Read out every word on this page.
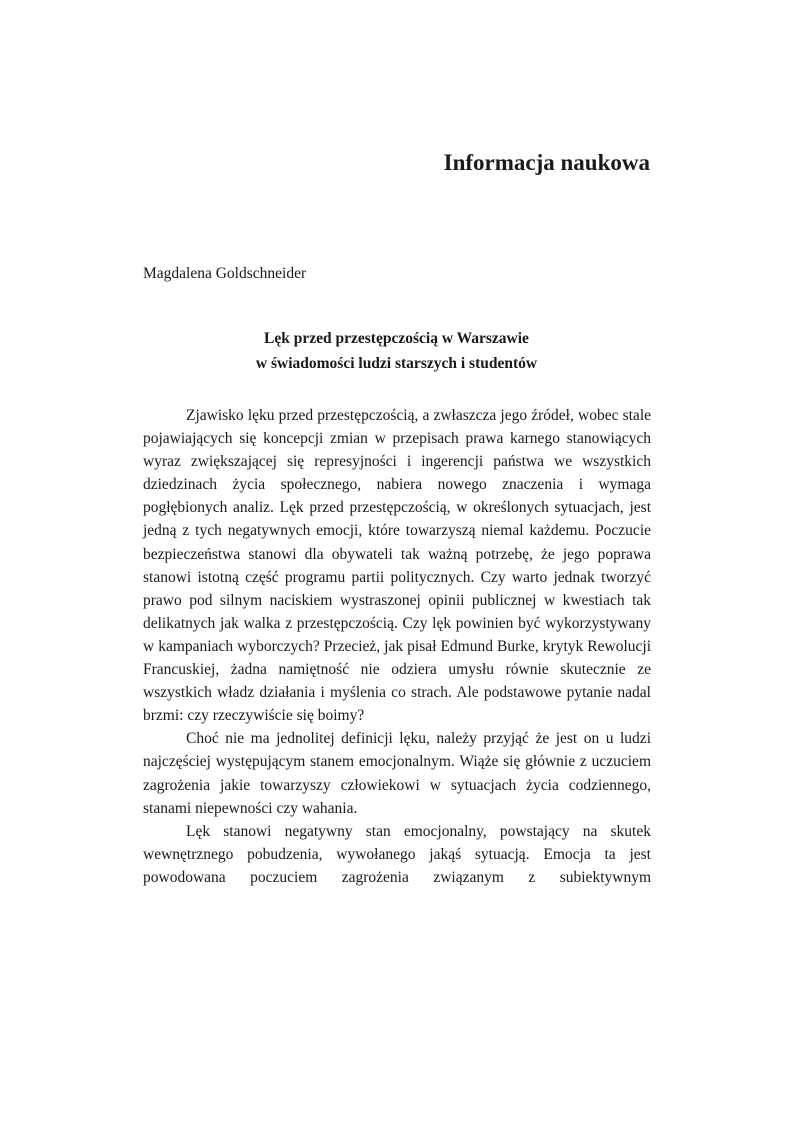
Informacja naukowa

Magdalena Goldschneider

Lęk przed przestępczością w Warszawie
w świadomości ludzi starszych i studentów

Zjawisko lęku przed przestępczością, a zwłaszcza jego źródeł, wobec stale pojawiających się koncepcji zmian w przepisach prawa karnego stanowiących wyraz zwiększającej się represyjności i ingerencji państwa we wszystkich dziedzinach życia społecznego, nabiera nowego znaczenia i wymaga pogłębionych analiz. Lęk przed przestępczością, w określonych sytuacjach, jest jedną z tych negatywnych emocji, które towarzyszą niemal każdemu. Poczucie bezpieczeństwa stanowi dla obywateli tak ważną potrzebę, że jego poprawa stanowi istotną część programu partii politycznych. Czy warto jednak tworzyć prawo pod silnym naciskiem wystraszonej opinii publicznej w kwestiach tak delikatnych jak walka z przestępczością. Czy lęk powinien być wykorzystywany w kampaniach wyborczych? Przecież, jak pisał Edmund Burke, krytyk Rewolucji Francuskiej, żadna namiętność nie odziera umysłu równie skutecznie ze wszystkich władz działania i myślenia co strach. Ale podstawowe pytanie nadal brzmi: czy rzeczywiście się boimy?

Choć nie ma jednolitej definicji lęku, należy przyjąć że jest on u ludzi najczęściej występującym stanem emocjonalnym. Wiąże się głównie z uczuciem zagrożenia jakie towarzyszy człowiekowi w sytuacjach życia codziennego, stanami niepewności czy wahania.

Lęk stanowi negatywny stan emocjonalny, powstający na skutek wewnętrznego pobudzenia, wywołanego jakąś sytuacją. Emocja ta jest powodowana poczuciem zagrożenia związanym z subiektywnym
